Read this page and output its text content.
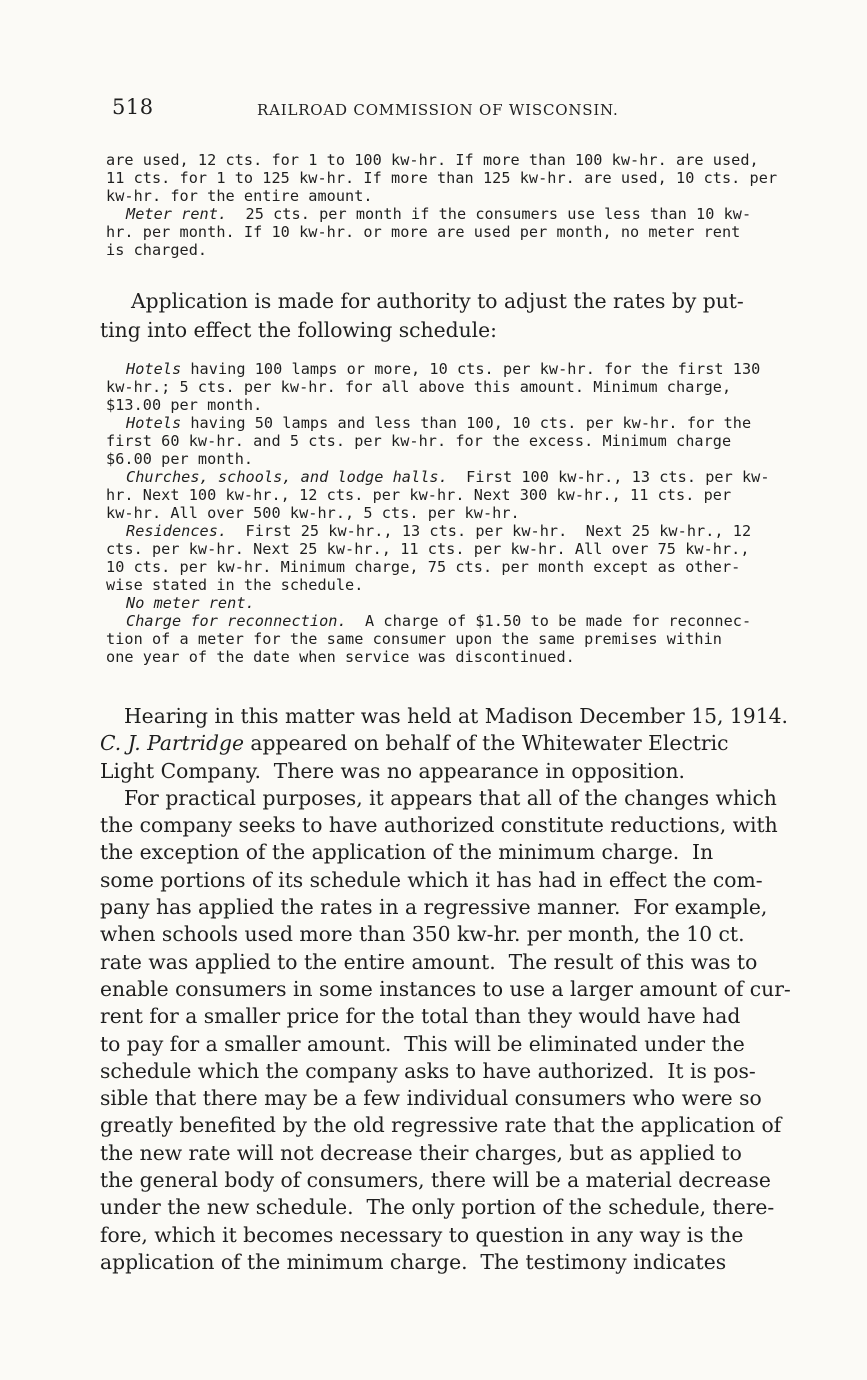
518	RAILROAD COMMISSION OF WISCONSIN.
are used, 12 cts. for 1 to 100 kw-hr. If more than 100 kw-hr. are used,
11 cts. for 1 to 125 kw-hr. If more than 125 kw-hr. are used, 10 cts. per
kw-hr. for the entire amount.
Meter rent.  25 cts. per month if the consumers use less than 10 kw-
hr. per month. If 10 kw-hr. or more are used per month, no meter rent
is charged.
Application is made for authority to adjust the rates by put-
ting into effect the following schedule:
Hotels having 100 lamps or more, 10 cts. per kw-hr. for the first 130
kw-hr.; 5 cts. per kw-hr. for all above this amount. Minimum charge,
$13.00 per month.
Hotels having 50 lamps and less than 100, 10 cts. per kw-hr. for the
first 60 kw-hr. and 5 cts. per kw-hr. for the excess. Minimum charge
$6.00 per month.
Churches, schools, and lodge halls.  First 100 kw-hr., 13 cts. per kw-
hr. Next 100 kw-hr., 12 cts. per kw-hr. Next 300 kw-hr., 11 cts. per
kw-hr. All over 500 kw-hr., 5 cts. per kw-hr.
Residences.  First 25 kw-hr., 13 cts. per kw-hr.  Next 25 kw-hr., 12
cts. per kw-hr. Next 25 kw-hr., 11 cts. per kw-hr. All over 75 kw-hr.,
10 cts. per kw-hr. Minimum charge, 75 cts. per month except as other-
wise stated in the schedule.
No meter rent.
Charge for reconnection.  A charge of $1.50 to be made for reconnec-
tion of a meter for the same consumer upon the same premises within
one year of the date when service was discontinued.
Hearing in this matter was held at Madison December 15, 1914.
C. J. Partridge appeared on behalf of the Whitewater Electric
Light Company.  There was no appearance in opposition.
For practical purposes, it appears that all of the changes which
the company seeks to have authorized constitute reductions, with
the exception of the application of the minimum charge.  In
some portions of its schedule which it has had in effect the com-
pany has applied the rates in a regressive manner.  For example,
when schools used more than 350 kw-hr. per month, the 10 ct.
rate was applied to the entire amount.  The result of this was to
enable consumers in some instances to use a larger amount of cur-
rent for a smaller price for the total than they would have had
to pay for a smaller amount.  This will be eliminated under the
schedule which the company asks to have authorized.  It is pos-
sible that there may be a few individual consumers who were so
greatly benefited by the old regressive rate that the application of
the new rate will not decrease their charges, but as applied to
the general body of consumers, there will be a material decrease
under the new schedule.  The only portion of the schedule, there-
fore, which it becomes necessary to question in any way is the
application of the minimum charge.  The testimony indicates
